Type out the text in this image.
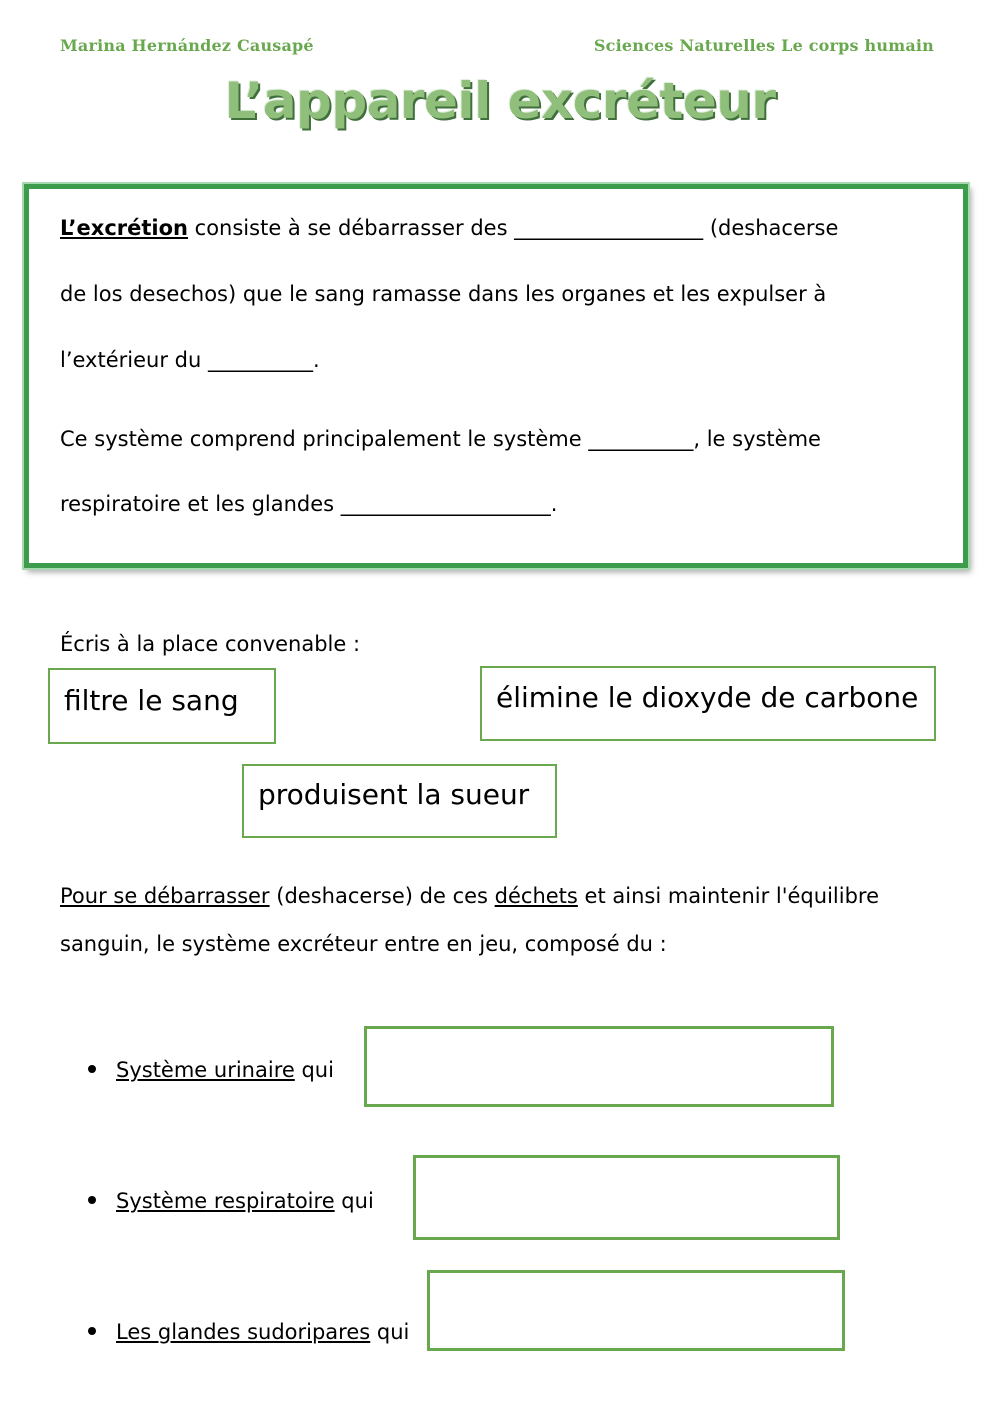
Marina Hernández Causapé	Sciences Naturelles Le corps humain
L’appareil excréteur
L’excrétion consiste à se débarrasser des __________________ (deshacerse
de los desechos) que le sang ramasse dans les organes et les expulser à
l’extérieur du __________.
Ce système comprend principalement le système __________, le système
respiratoire et les glandes ____________________.
Écris à la place convenable :
filtre le sang	élimine le dioxyde de carbone
produisent la sueur
Pour se débarrasser (deshacerse) de ces déchets et ainsi maintenir l'équilibre
sanguin, le système excréteur entre en jeu, composé du :
Système urinaire qui
Système respiratoire qui
Les glandes sudoripares qui
